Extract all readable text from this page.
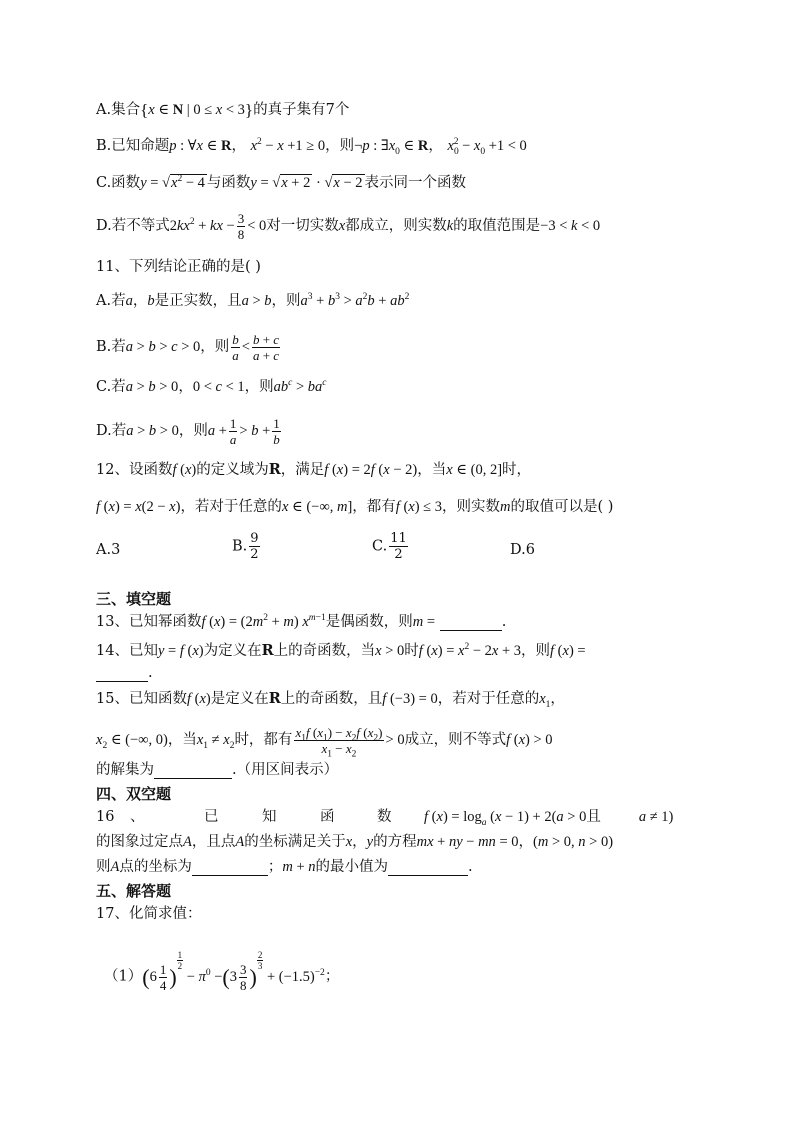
A.集合{x ∈ N | 0 ≤ x < 3}的真子集有7个
B.已知命题p : ∀x ∈ R， $x^2 - x +1 \ge 0$，则¬p : $\exists x_0$ ∈ R， $x_0^2 - x_0 +1 < 0$
C.函数$y = √x^2 - 4$ 与函数y = √x + 2 · √x − 2 表示同一个函数
D.若不等式$2kx^2$ + kx − $\frac{3}{8} < 0$对一切实数x都成立，则实数k的取值范围是−3 < k < 0
11、下列结论正确的是( )
A.若a，b是正实数，且a > b，则$a^3 + b^3 > a^2b + ab^2$
B.若a > b > c > 0，则 $\frac{b}{a} < \frac{b + c}{a + c}$
C.若a > b > 0，0 < c < 1，则$ab^c > ba^c$
D.若a > b > 0，则$a + \frac{1}{a} > b + \frac{1}{b}$
12、设函数f (x)的定义域为R，满足f (x) = 2f (x − 2)，当x ∈ (0, 2]时，
f (x) = x(2 − x)，若对于任意的x ∈ (−∞, m]，都有f (x) ≤ 3，则实数m的取值可以是( )
A.3	B. $\frac{9}{2}$	C. $\frac{11}{2}$	D.6
三、填空题
13、已知幂函数f $(x) = (2m^2 + m)$ $x^{m-1}$是偶函数，则m =	.
14、已知y = f (x)为定义在R上的奇函数，当x > 0时f $(x) = x^2 - 2x + 3$，则f (x) =
.
15、已知函数f (x)是定义在R上的奇函数，且f (−3) = 0，若对于任意的$x_1$，
$x_2$ ∈ (−∞, 0)，当$x_1 \ne x_2$时，都有 $\frac{x_1f (x_1) - x_2f (x_2)}{x_1 - x_2} > 0$成立，则不等式f (x) > 0
的解集为	.（用区间表示）
四、双空题
16 、	已	知	函	数 f $(x) = \log_a (x - 1) + 2(a > 0$且	a ≠ 1)
的图象过定点A，且点A的坐标满足关于x，y的方程mx + ny − mn = 0，(m > 0, n > 0)
则A点的坐标为	；m + n的最小值为	.
五、解答题
17、化简求值：
$(1)(6 \frac{1}{4}$ )
$^{\frac{1}{2}}$
− $\pi^0 -(3 \frac{3}{8}$ )
$^{\frac{2}{3}}$
+ $(-1.5)^{-2}$；
